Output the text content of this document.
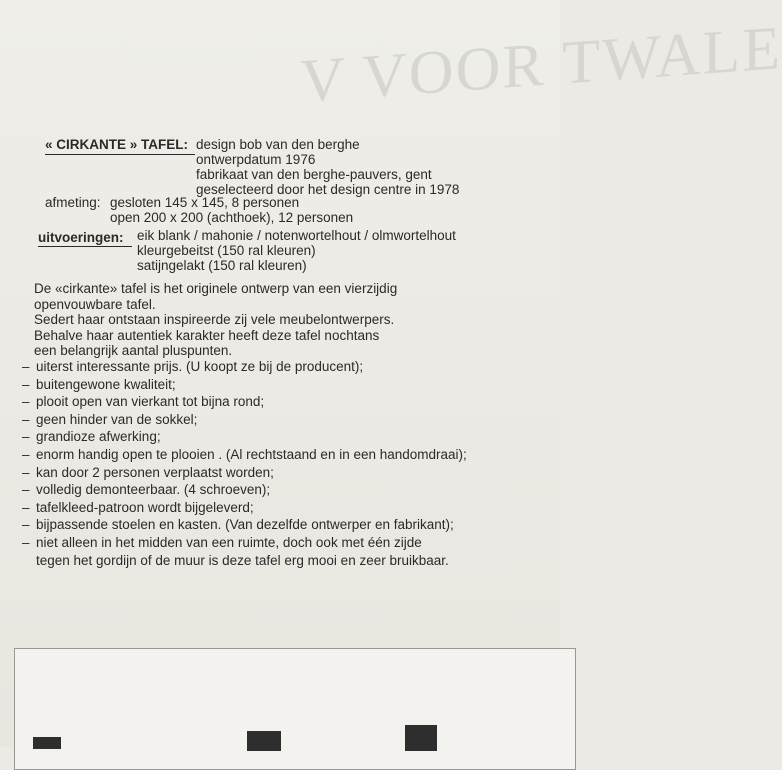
V VOOR TWALE
« CIRKANTE » TAFEL: design bob van den berghe
ontwerpdatum 1976
fabrikaat van den berghe-pauvers, gent
geselecteerd door het design centre in 1978
afmeting: gesloten 145 x 145, 8 personen
open 200 x 200 (achthoek), 12 personen
uitvoeringen: eik blank / mahonie / notenwortelhout / olmwortelhout
kleurgebeitst (150 ral kleuren)
satijngelakt (150 ral kleuren)
De «cirkante» tafel is het originele ontwerp van een vierzijdig
openvouwbare tafel.
Sedert haar ontstaan inspireerde zij vele meubelontwerpers.
Behalve haar autentiek karakter heeft deze tafel nochtans
een belangrijk aantal pluspunten.
– uiterst interessante prijs. (U koopt ze bij de producent);
– buitengewone kwaliteit;
– plooit open van vierkant tot bijna rond;
– geen hinder van de sokkel;
– grandioze afwerking;
– enorm handig open te plooien . (Al rechtstaand en in een handomdraai);
– kan door 2 personen verplaatst worden;
– volledig demonteerbaar. (4 schroeven);
– tafelkleed-patroon wordt bijgeleverd;
– bijpassende stoelen en kasten. (Van dezelfde ontwerper en fabrikant);
– niet alleen in het midden van een ruimte, doch ook met één zijde
tegen het gordijn of de muur is deze tafel erg mooi en zeer bruikbaar.
